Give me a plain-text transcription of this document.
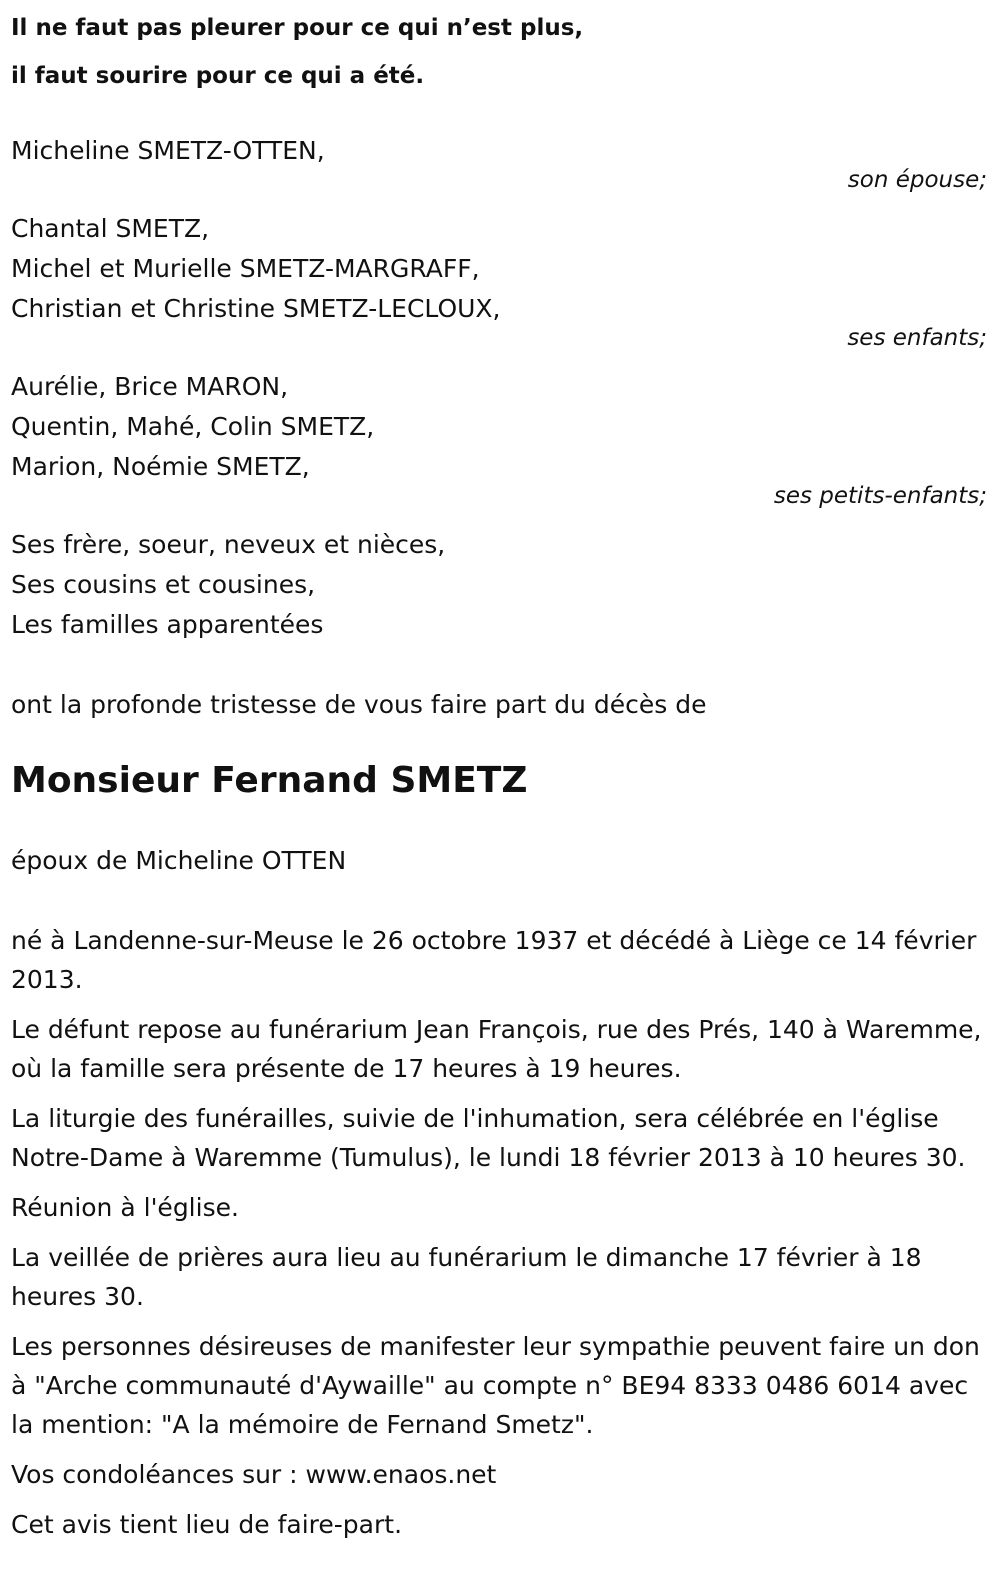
Il ne faut pas pleurer pour ce qui n’est plus,
il faut sourire pour ce qui a été.
Micheline SMETZ-OTTEN,
son épouse;
Chantal SMETZ,
Michel et Murielle SMETZ-MARGRAFF,
Christian et Christine SMETZ-LECLOUX,
ses enfants;
Aurélie, Brice MARON,
Quentin, Mahé, Colin SMETZ,
Marion, Noémie SMETZ,
ses petits-enfants;
Ses frère, soeur, neveux et nièces,
Ses cousins et cousines,
Les familles apparentées
ont la profonde tristesse de vous faire part du décès de
Monsieur Fernand SMETZ
époux de Micheline OTTEN
né à Landenne-sur-Meuse le 26 octobre 1937 et décédé à Liège ce 14 février 2013.
Le défunt repose au funérarium Jean François, rue des Prés, 140 à Waremme, où la famille sera présente de 17 heures à 19 heures.
La liturgie des funérailles, suivie de l'inhumation, sera célébrée en l'église Notre-Dame à Waremme (Tumulus), le lundi 18 février 2013 à 10 heures 30.
Réunion à l'église.
La veillée de prières aura lieu au funérarium le dimanche 17 février à 18 heures 30.
Les personnes désireuses de manifester leur sympathie peuvent faire un don à "Arche communauté d'Aywaille" au compte n° BE94 8333 0486 6014 avec la mention: "A la mémoire de Fernand Smetz".
Vos condoléances sur : www.enaos.net
Cet avis tient lieu de faire-part.
